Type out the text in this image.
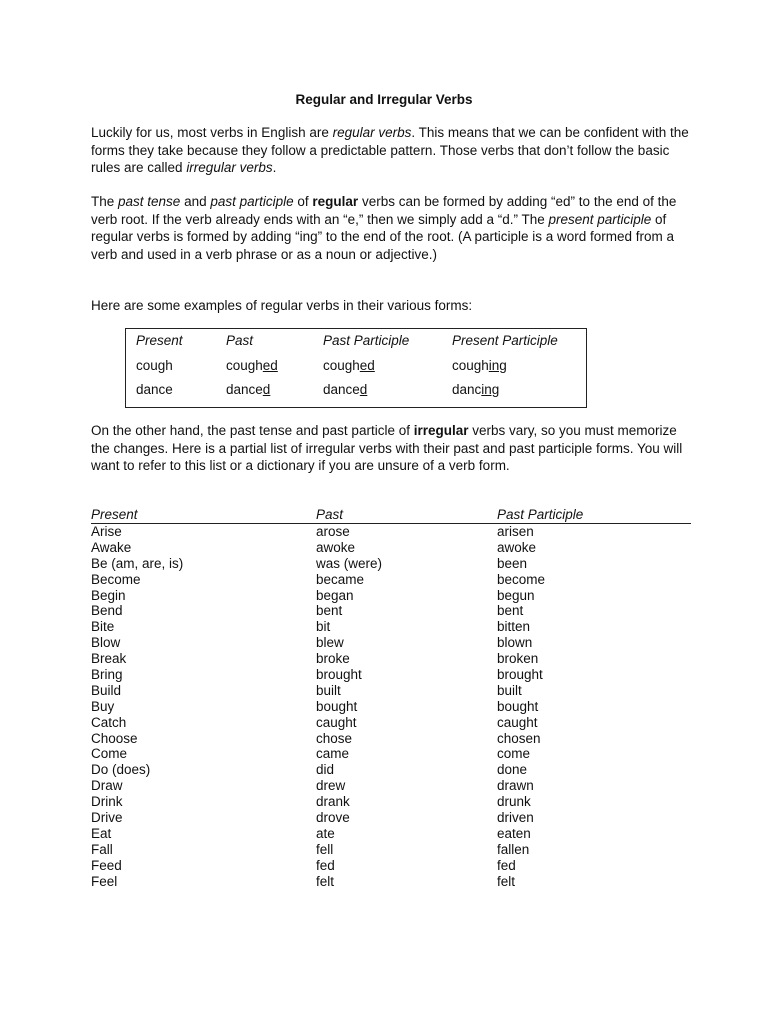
Regular and Irregular Verbs

Luckily for us, most verbs in English are regular verbs. This means that we can be confident with the forms they take because they follow a predictable pattern. Those verbs that don’t follow the basic rules are called irregular verbs.

The past tense and past participle of regular verbs can be formed by adding “ed” to the end of the verb root. If the verb already ends with an “e,” then we simply add a “d.” The present participle of regular verbs is formed by adding “ing” to the end of the root. (A participle is a word formed from a verb and used in a verb phrase or as a noun or adjective.)

Here are some examples of regular verbs in their various forms:

Present	Past	Past Participle	Present Participle
cough	coughed	coughed	coughing
dance	danced	danced	dancing

On the other hand, the past tense and past particle of irregular verbs vary, so you must memorize the changes. Here is a partial list of irregular verbs with their past and past participle forms. You will want to refer to this list or a dictionary if you are unsure of a verb form.

Present	Past	Past Participle
Arise	arose	arisen
Awake	awoke	awoke
Be (am, are, is)	was (were)	been
Become	became	become
Begin	began	begun
Bend	bent	bent
Bite	bit	bitten
Blow	blew	blown
Break	broke	broken
Bring	brought	brought
Build	built	built
Buy	bought	bought
Catch	caught	caught
Choose	chose	chosen
Come	came	come
Do (does)	did	done
Draw	drew	drawn
Drink	drank	drunk
Drive	drove	driven
Eat	ate	eaten
Fall	fell	fallen
Feed	fed	fed
Feel	felt	felt
